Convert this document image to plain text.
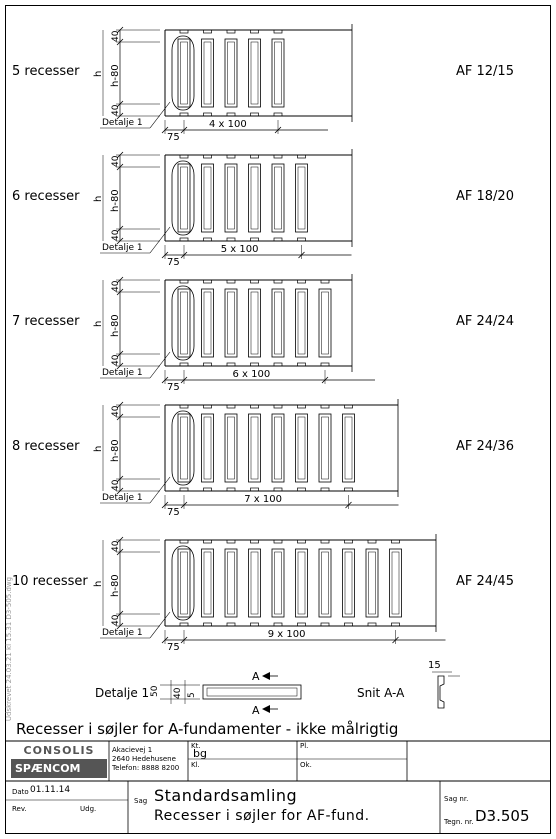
40
h-80
40
h
75
4 x 100
40
h-80
40
h
75
5 x 100
40
h-80
40
h
75
6 x 100
40
h-80
40
h
75
7 x 100
40
h-80
40
h
75
9 x 100
5 recesser	AF 12/15
Detalje 1
6 recesser	AF 18/20
Detalje 1
7 recesser	AF 24/24
Detalje 1
8 recesser	AF 24/36
Detalje 1
10 recesser	AF 24/45
Detalje 1
Detalje 1	Snit A-A
15
A
A
50 40 5
Recesser i søjler for A-fundamenter - ikke målrigtig
Udskrevet 24.03.21 kl 15.31 D3-505.dwg
CONSOLIS
SPÆNCOM
Akacievej 1
2640 Hedehusene
Telefon: 8888 8200
Kt.
bg
Kl.
Pl.
Ok.
Dato 01.11.14
Rev.	Udg.
Sag Standardsamling
Recesser i søjler for AF-fund.
Sag nr.
Tegn. nr. D3.505
